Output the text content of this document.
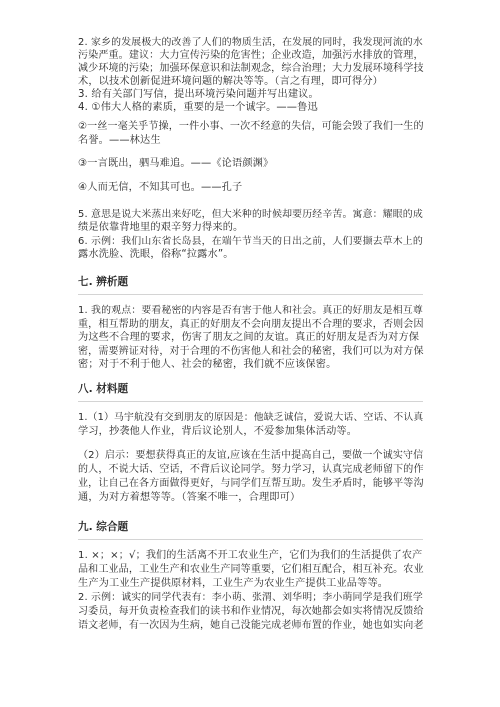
2. 家乡的发展极大的改善了人们的物质生活，在发展的同时，我发现河流的水
污染严重。建议：大力宣传污染的危害性；企业改造，加强污水排放的管理，
减少环境的污染；加强环保意识和法制观念，综合治理；大力发展环境科学技
术，以技术创新促进环境问题的解决等等。（言之有理，即可得分）
3. 给有关部门写信，提出环境污染问题并写出建议。
4. ①伟大人格的素质，重要的是一个诚字。——鲁迅
②一丝一毫关乎节操，一件小事、一次不经意的失信，可能会毁了我们一生的
名誉。——林达生
③一言既出，驷马难追。——《论语颜渊》
④人而无信，不知其可也。——孔子
5. 意思是说大米蒸出来好吃，但大米种的时候却要历经辛苦。寓意：耀眼的成
绩是依靠背地里的艰辛努力得来的。
6. 示例：我们山东省长岛县，在端午节当天的日出之前，人们要撷去草木上的
露水洗脸、洗眼，俗称“拉露水”。
七. 辨析题
1. 我的观点：要看秘密的内容是否有害于他人和社会。真正的好朋友是相互尊
重，相互帮助的朋友，真正的好朋友不会向朋友提出不合理的要求，否则会因
为这些不合理的要求，伤害了朋友之间的友谊。真正的好朋友是否为对方保
密，需要辨证对待，对于合理的不伤害他人和社会的秘密，我们可以为对方保
密；对于不利于他人、社会的秘密，我们就不应该保密。
八. 材料题
1.（1）马宇航没有交到朋友的原因是：他缺乏诚信，爱说大话、空话、不认真
学习，抄袭他人作业，背后议论别人，不爱参加集体活动等。
（2）启示：要想获得真正的友谊,应该在生活中提高自己，要做一个诚实守信
的人，不说大话、空话，不背后议论同学。努力学习，认真完成老师留下的作
业，让自己在各方面做得更好，与同学们互帮互助。发生矛盾时，能够平等沟
通，为对方着想等等。（答案不唯一，合理即可）
九. 综合题
1. ×；×；√；我们的生活离不开工农业生产，它们为我们的生活提供了农产
品和工业品，工业生产和农业生产同等重要，它们相互配合，相互补充。农业
生产为工业生产提供原材料，工业生产为农业生产提供工业品等等。
2. 示例：诚实的同学代表有：李小萌、张渭、刘华明；李小萌同学是我们班学
习委员，每开负责检查我们的读书和作业情况，每次她都会如实将情况反馈给
语文老师，有一次因为生病，她自己没能完成老师布置的作业，她也如实向老
